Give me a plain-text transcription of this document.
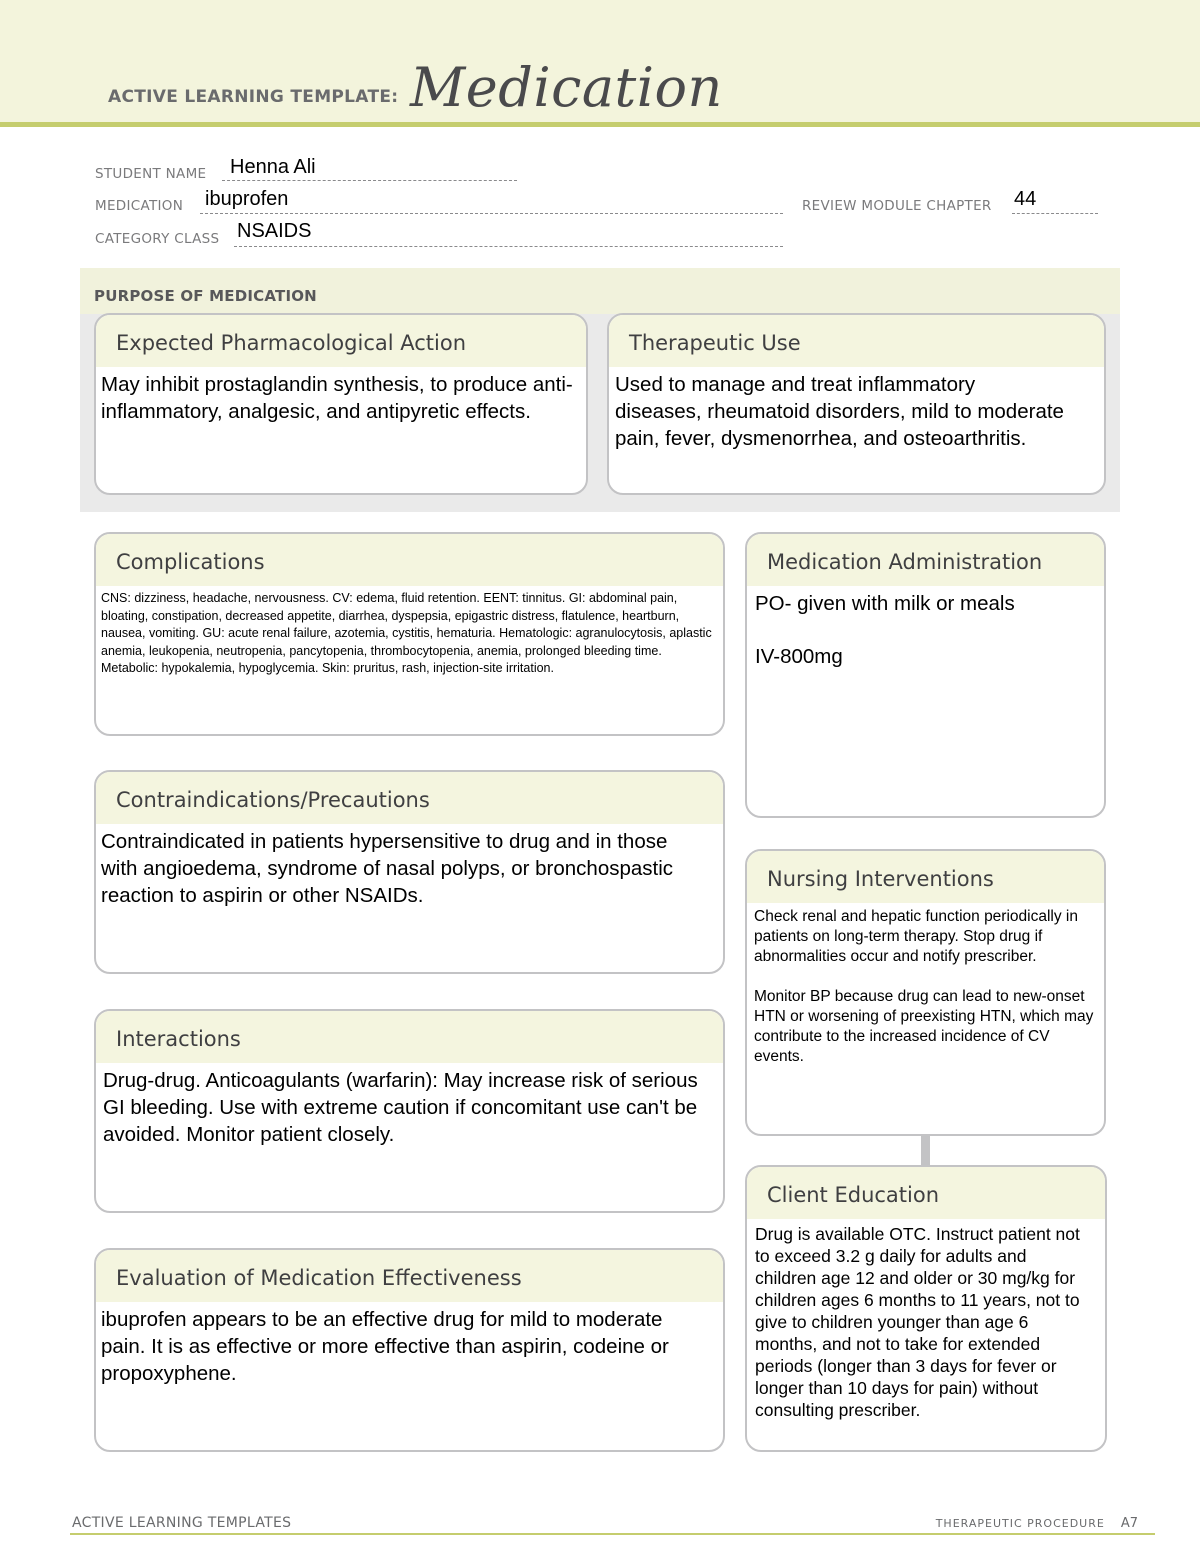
ACTIVE LEARNING TEMPLATE: Medication
STUDENT NAME Henna Ali
MEDICATION ibuprofen	REVIEW MODULE CHAPTER 44
CATEGORY CLASS NSAIDS
PURPOSE OF MEDICATION
Expected Pharmacological Action
May inhibit prostaglandin synthesis, to produce anti-inflammatory, analgesic, and antipyretic effects.
Therapeutic Use
Used to manage and treat inflammatory diseases, rheumatoid disorders, mild to moderate pain, fever, dysmenorrhea, and osteoarthritis.
Complications
CNS: dizziness, headache, nervousness. CV: edema, fluid retention. EENT: tinnitus. GI: abdominal pain, bloating, constipation, decreased appetite, diarrhea, dyspepsia, epigastric distress, flatulence, heartburn, nausea, vomiting. GU: acute renal failure, azotemia, cystitis, hematuria. Hematologic: agranulocytosis, aplastic anemia, leukopenia, neutropenia, pancytopenia, thrombocytopenia, anemia, prolonged bleeding time. Metabolic: hypokalemia, hypoglycemia. Skin: pruritus, rash, injection-site irritation.
Medication Administration

PO- given with milk or meals

IV-800mg

Contraindications/Precautions
Contraindicated in patients hypersensitive to drug and in those with angioedema, syndrome of nasal polyps, or bronchospastic reaction to aspirin or other NSAIDs.
Nursing Interventions

Check renal and hepatic function periodically in patients on long-term therapy. Stop drug if abnormalities occur and notify prescriber.

Monitor BP because drug can lead to new-onset HTN or worsening of preexisting HTN, which may contribute to the increased incidence of CV events.

Interactions
Drug-drug. Anticoagulants (warfarin): May increase risk of serious GI bleeding. Use with extreme caution if concomitant use can't be avoided. Monitor patient closely.
Client Education
Drug is available OTC. Instruct patient not to exceed 3.2 g daily for adults and children age 12 and older or 30 mg/kg for children ages 6 months to 11 years, not to give to children younger than age 6 months, and not to take for extended periods (longer than 3 days for fever or longer than 10 days for pain) without consulting prescriber.
Evaluation of Medication Effectiveness
ibuprofen appears to be an effective drug for mild to moderate pain. It is as effective or more effective than aspirin, codeine or propoxyphene.
ACTIVE LEARNING TEMPLATES	THERAPEUTIC PROCEDURE A7
